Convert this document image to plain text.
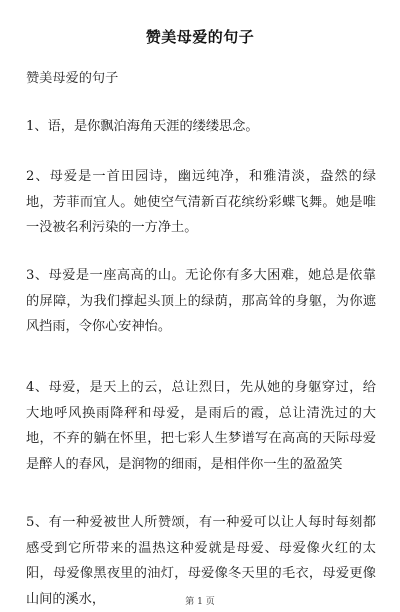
赞美母爱的句子
赞美母爱的句子
1、语，是你飘泊海角天涯的缕缕思念。
2、母爱是一首田园诗，幽远纯净，和雅清淡，盎然的绿地，芳菲而宜人。她使空气清新百花缤纷彩蝶飞舞。她是唯一没被名利污染的一方净土。
3、母爱是一座高高的山。无论你有多大困难，她总是依靠的屏障，为我们撑起头顶上的绿荫，那高耸的身躯，为你遮风挡雨，令你心安神怡。
4、母爱，是天上的云，总让烈日，先从她的身躯穿过，给大地呼风换雨降秤和母爱，是雨后的霞，总让清洗过的大地，不弃的躺在怀里，把七彩人生梦谱写在高高的天际母爱是醉人的春风，是润物的细雨，是相伴你一生的盈盈笑
5、有一种爱被世人所赞颂，有一种爱可以让人每时每刻都感受到它所带来的温热这种爱就是母爱、母爱像火红的太阳，母爱像黑夜里的油灯，母爱像冬天里的毛衣，母爱更像山间的溪水，	第 1 页
